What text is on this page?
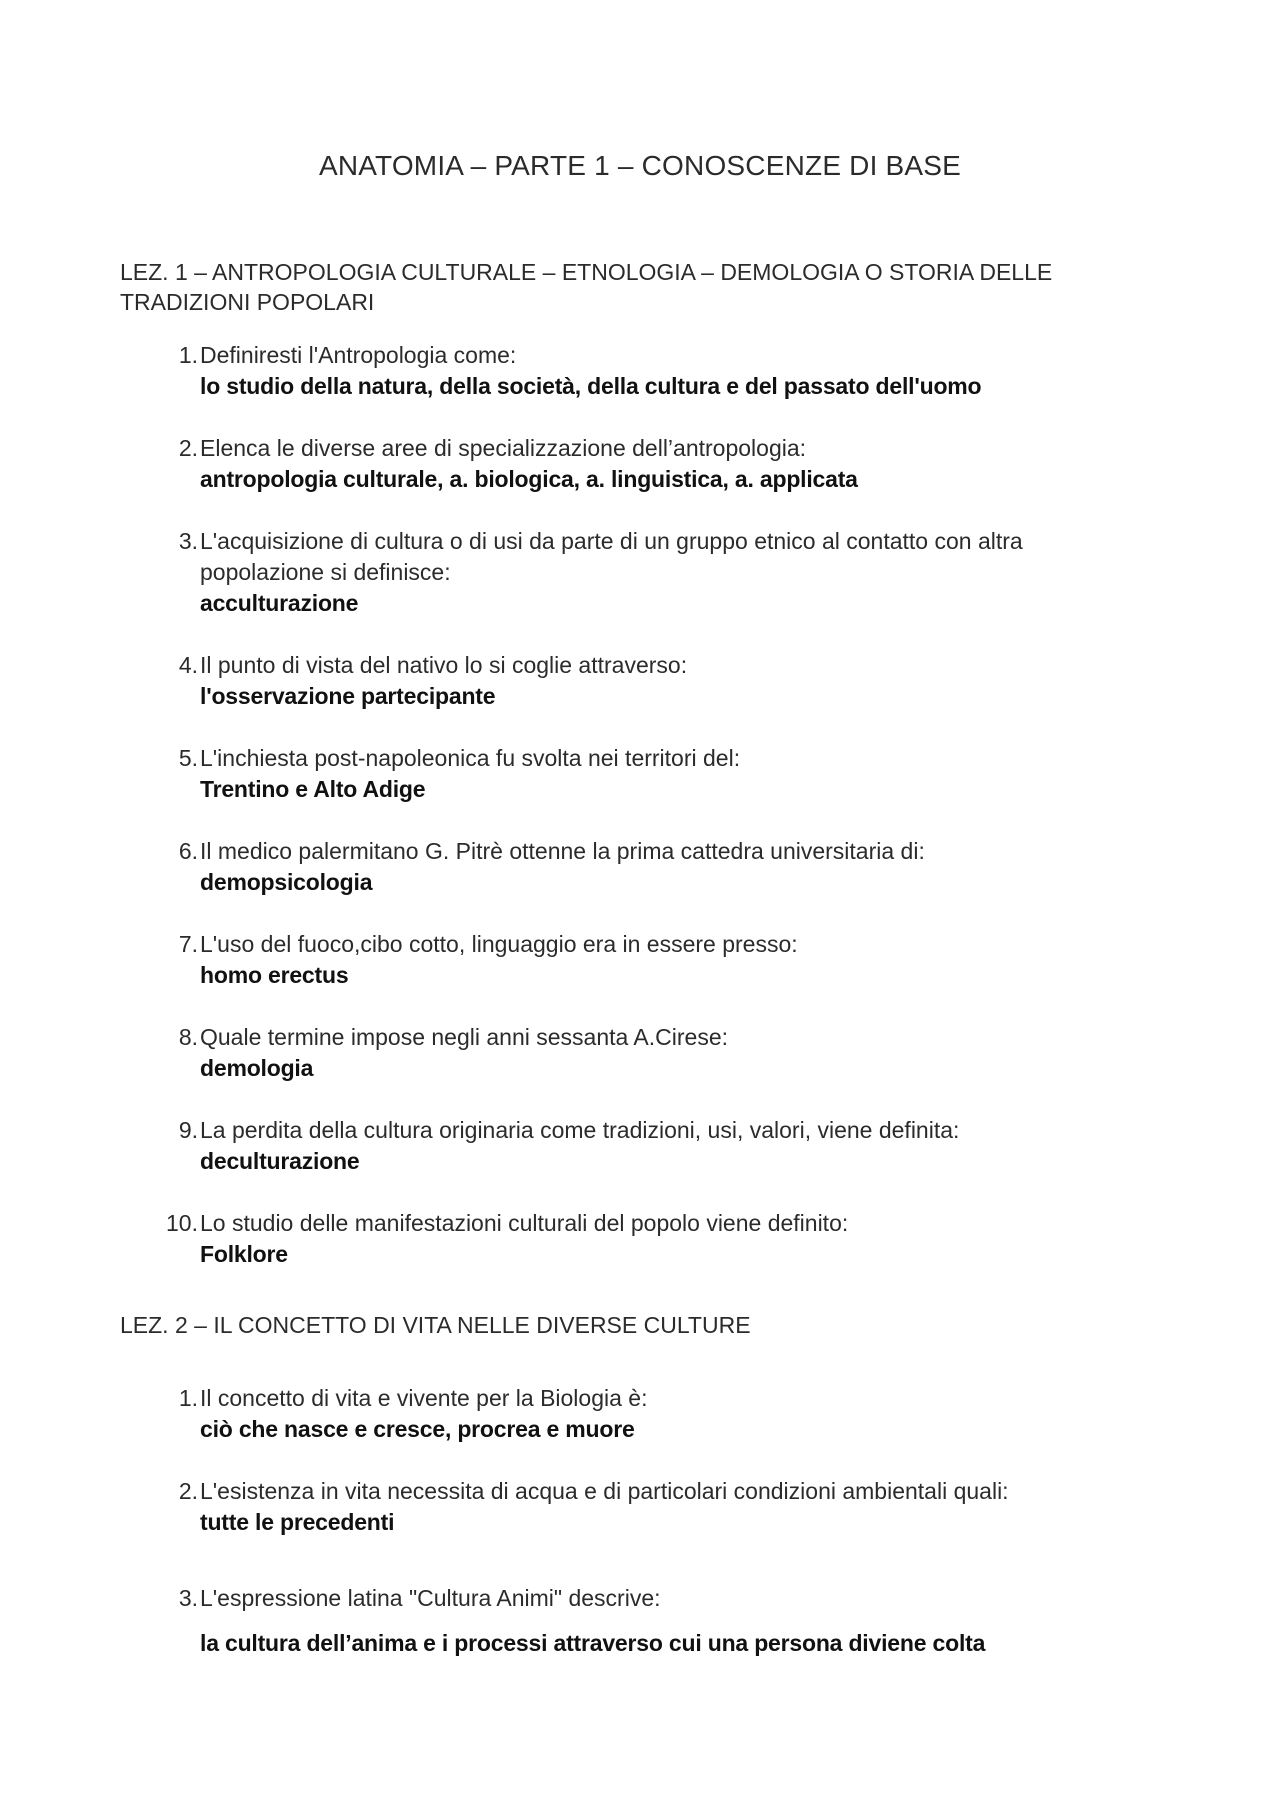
ANATOMIA – PARTE 1 – CONOSCENZE DI BASE
LEZ. 1 – ANTROPOLOGIA CULTURALE – ETNOLOGIA – DEMOLOGIA O STORIA DELLE TRADIZIONI POPOLARI
1. Definiresti l'Antropologia come:
lo studio della natura, della società, della cultura e del passato dell'uomo
2. Elenca le diverse aree di specializzazione dell’antropologia:
antropologia culturale, a. biologica, a. linguistica, a. applicata
3. L'acquisizione di cultura o di usi da parte di un gruppo etnico al contatto con altra popolazione si definisce:
acculturazione
4. Il punto di vista del nativo lo si coglie attraverso:
l'osservazione partecipante
5. L'inchiesta post-napoleonica fu svolta nei territori del:
Trentino e Alto Adige
6. Il medico palermitano G. Pitrè ottenne la prima cattedra universitaria di:
demopsicologia
7. L'uso del fuoco,cibo cotto, linguaggio era in essere presso:
homo erectus
8. Quale termine impose negli anni sessanta A.Cirese:
demologia
9. La perdita della cultura originaria come tradizioni, usi, valori, viene definita:
deculturazione
10. Lo studio delle manifestazioni culturali del popolo viene definito:
Folklore
LEZ. 2 – IL CONCETTO DI VITA NELLE DIVERSE CULTURE
1. Il concetto di vita e vivente per la Biologia è:
ciò che nasce e cresce, procrea e muore
2. L'esistenza in vita necessita di acqua e di particolari condizioni ambientali quali:
tutte le precedenti
3. L'espressione latina "Cultura Animi" descrive:
la cultura dell’anima e i processi attraverso cui una persona diviene colta
